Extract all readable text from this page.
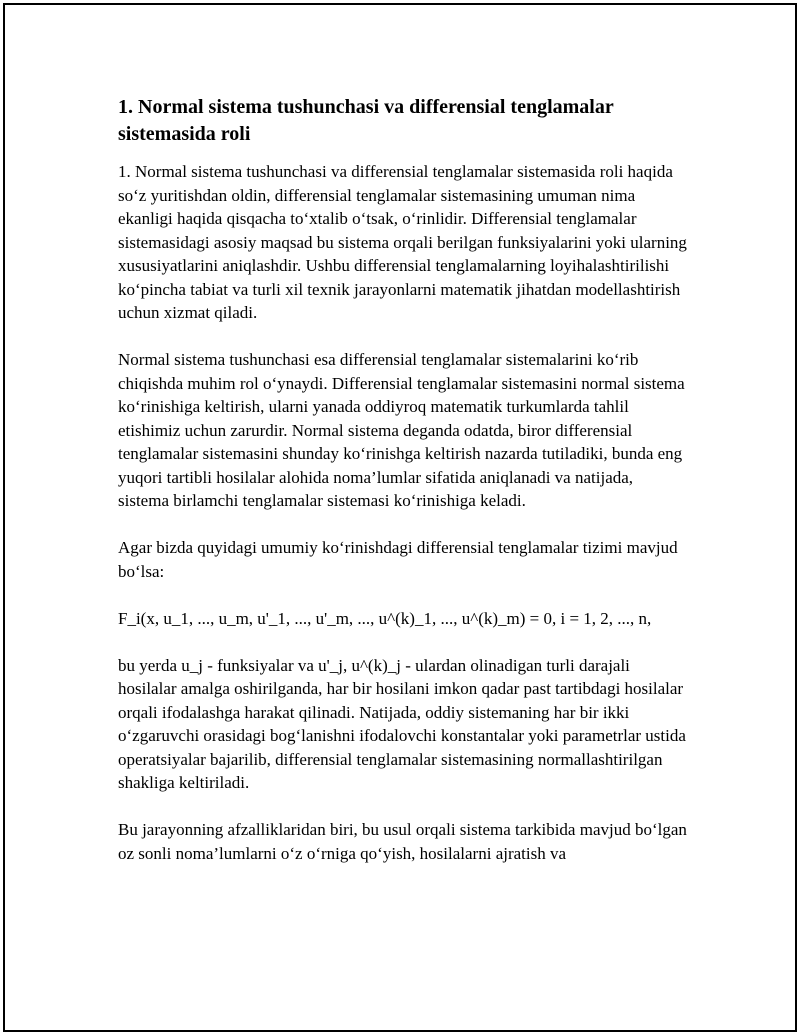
1. Normal sistema tushunchasi va differensial tenglamalar sistemasida roli

1. Normal sistema tushunchasi va differensial tenglamalar sistemasida roli haqida so‘z yuritishdan oldin, differensial tenglamalar sistemasining umuman nima ekanligi haqida qisqacha to‘xtalib o‘tsak, o‘rinlidir. Differensial tenglamalar sistemasidagi asosiy maqsad bu sistema orqali berilgan funksiyalarini yoki ularning xususiyatlarini aniqlashdir. Ushbu differensial tenglamalarning loyihalashtirilishi ko‘pincha tabiat va turli xil texnik jarayonlarni matematik jihatdan modellashtirish uchun xizmat qiladi.

Normal sistema tushunchasi esa differensial tenglamalar sistemalarini ko‘rib chiqishda muhim rol o‘ynaydi. Differensial tenglamalar sistemasini normal sistema ko‘rinishiga keltirish, ularni yanada oddiyroq matematik turkumlarda tahlil etishimiz uchun zarurdir. Normal sistema deganda odatda, biror differensial tenglamalar sistemasini shunday ko‘rinishga keltirish nazarda tutiladiki, bunda eng yuqori tartibli hosilalar alohida noma’lumlar sifatida aniqlanadi va natijada, sistema birlamchi tenglamalar sistemasi ko‘rinishiga keladi.

Agar bizda quyidagi umumiy ko‘rinishdagi differensial tenglamalar tizimi mavjud bo‘lsa:

F_i(x, u_1, ..., u_m, u'_1, ..., u'_m, ..., u^(k)_1, ..., u^(k)_m) = 0, i = 1, 2, ..., n,

bu yerda u_j - funksiyalar va u'_j, u^(k)_j - ulardan olinadigan turli darajali hosilalar amalga oshirilganda, har bir hosilani imkon qadar past tartibdagi hosilalar orqali ifodalashga harakat qilinadi. Natijada, oddiy sistemaning har bir ikki o‘zgaruvchi orasidagi bog‘lanishni ifodalovchi konstantalar yoki parametrlar ustida operatsiyalar bajarilib, differensial tenglamalar sistemasining normallashtirilgan shakliga keltiriladi.

Bu jarayonning afzalliklaridan biri, bu usul orqali sistema tarkibida mavjud bo‘lgan oz sonli noma’lumlarni o‘z o‘rniga qo‘yish, hosilalarni ajratish va
